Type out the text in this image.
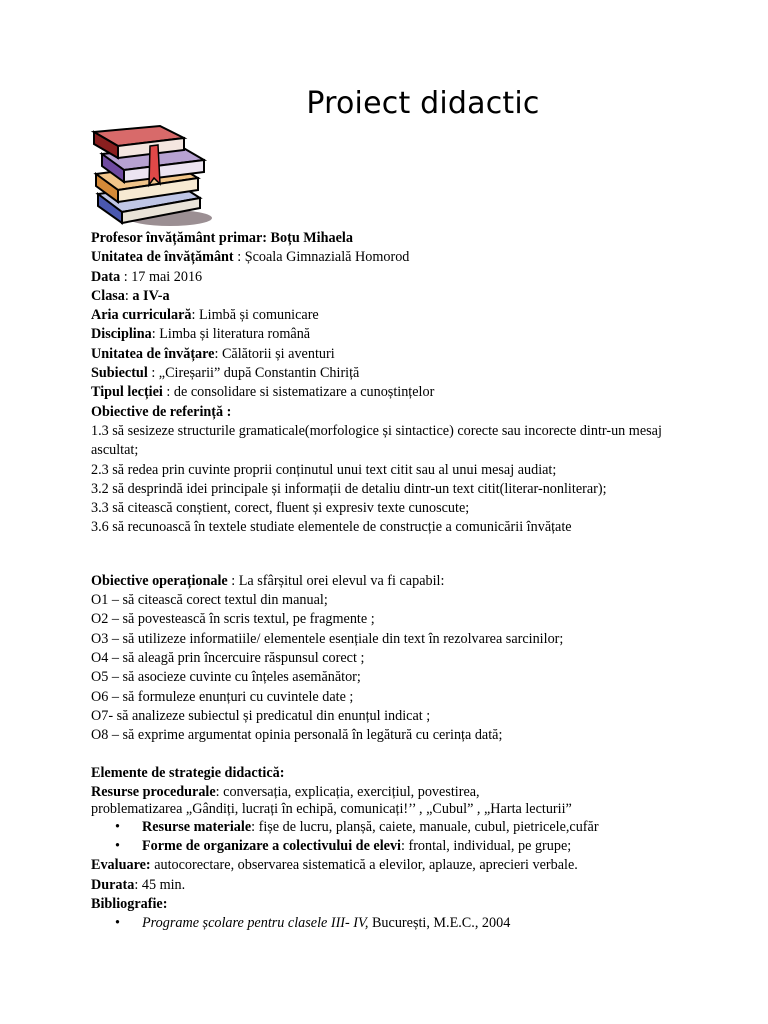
Proiect didactic

Profesor învățământ primar: Boțu Mihaela

Unitatea de învățământ : Școala Gimnazială Homorod

Data : 17 mai 2016

Clasa: a IV-a

Aria curriculară: Limbă și comunicare

Disciplina: Limba și literatura română

Unitatea de învățare: Călătorii și aventuri

Subiectul : „Cireșarii” după Constantin Chiriță

Tipul lecției : de consolidare si sistematizare a cunoștințelor

Obiective de referință :

1.3 să sesizeze structurile gramaticale(morfologice și sintactice) corecte sau incorecte dintr-un mesaj ascultat;

2.3 să redea prin cuvinte proprii conținutul unui text citit sau al unui mesaj audiat;

3.2 să desprindă idei principale și informații de detaliu dintr-un text citit(literar-nonliterar);

3.3 să citească conștient, corect, fluent și expresiv texte cunoscute;

3.6 să recunoască în textele studiate elementele de construcție a comunicării învățate

Obiective operaționale : La sfârșitul orei elevul va fi capabil:

O1 – să citească corect textul din manual;

O2 – să povestească în scris textul, pe fragmente ;

O3 – să utilizeze informatiile/ elementele esențiale din text în rezolvarea sarcinilor;

O4 – să aleagă prin încercuire răspunsul corect ;

O5 – să asocieze cuvinte cu înțeles asemănător;

O6 – să formuleze enunțuri cu cuvintele date ;

O7- să analizeze subiectul și predicatul din enunțul indicat ;

O8 – să exprime argumentat opinia personală în legătură cu cerința dată;

Elemente de strategie didactică:

Resurse procedurale: conversația, explicația, exercițiul, povestirea,

problematizarea „Gândiți, lucrați în echipă, comunicați!’’ , „Cubul” , „Harta lecturii”

• Resurse materiale: fișe de lucru, planșă, caiete, manuale, cubul, pietricele,cufăr

• Forme de organizare a colectivului de elevi: frontal, individual, pe grupe;

Evaluare: autocorectare, observarea sistematică a elevilor, aplauze, aprecieri verbale.

Durata: 45 min.

Bibliografie:

• Programe școlare pentru clasele III- IV, București, M.E.C., 2004
